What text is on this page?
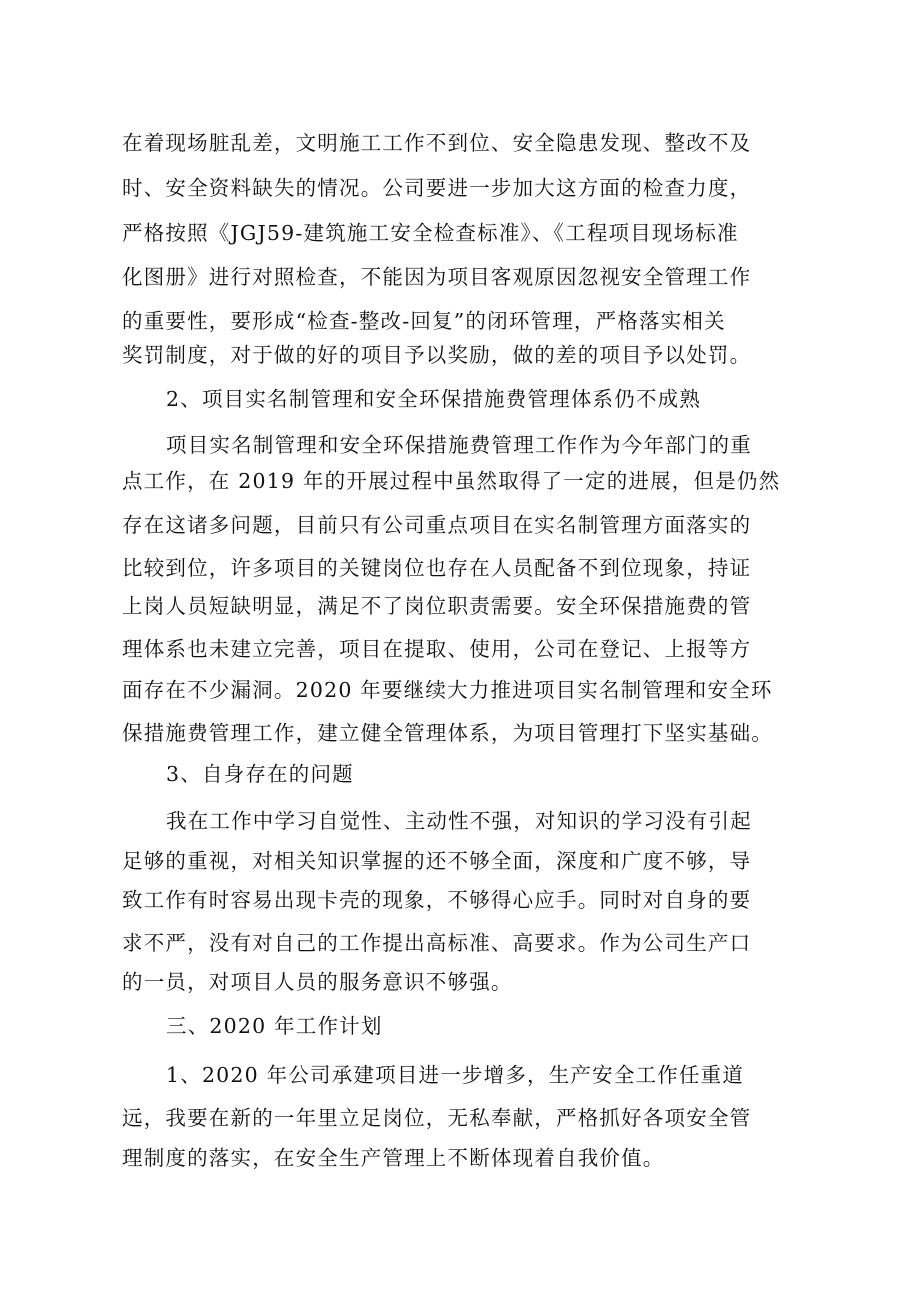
在着现场脏乱差，文明施工工作不到位、安全隐患发现、整改不及

时、安全资料缺失的情况。公司要进一步加大这方面的检查力度，

严格按照《JGJ59-建筑施工安全检查标准》、《工程项目现场标准

化图册》进行对照检查，不能因为项目客观原因忽视安全管理工作

的重要性，要形成“检查-整改-回复”的闭环管理，严格落实相关

奖罚制度，对于做的好的项目予以奖励，做的差的项目予以处罚。

2、项目实名制管理和安全环保措施费管理体系仍不成熟

项目实名制管理和安全环保措施费管理工作作为今年部门的重

点工作，在 2019 年的开展过程中虽然取得了一定的进展，但是仍然

存在这诸多问题，目前只有公司重点项目在实名制管理方面落实的

比较到位，许多项目的关键岗位也存在人员配备不到位现象，持证

上岗人员短缺明显，满足不了岗位职责需要。安全环保措施费的管

理体系也未建立完善，项目在提取、使用，公司在登记、上报等方

面存在不少漏洞。2020 年要继续大力推进项目实名制管理和安全环

保措施费管理工作，建立健全管理体系，为项目管理打下坚实基础。

3、自身存在的问题

我在工作中学习自觉性、主动性不强，对知识的学习没有引起

足够的重视，对相关知识掌握的还不够全面，深度和广度不够，导

致工作有时容易出现卡壳的现象，不够得心应手。同时对自身的要

求不严，没有对自己的工作提出高标准、高要求。作为公司生产口

的一员，对项目人员的服务意识不够强。

三、2020 年工作计划

1、2020 年公司承建项目进一步增多，生产安全工作任重道

远，我要在新的一年里立足岗位，无私奉献，严格抓好各项安全管

理制度的落实，在安全生产管理上不断体现着自我价值。
